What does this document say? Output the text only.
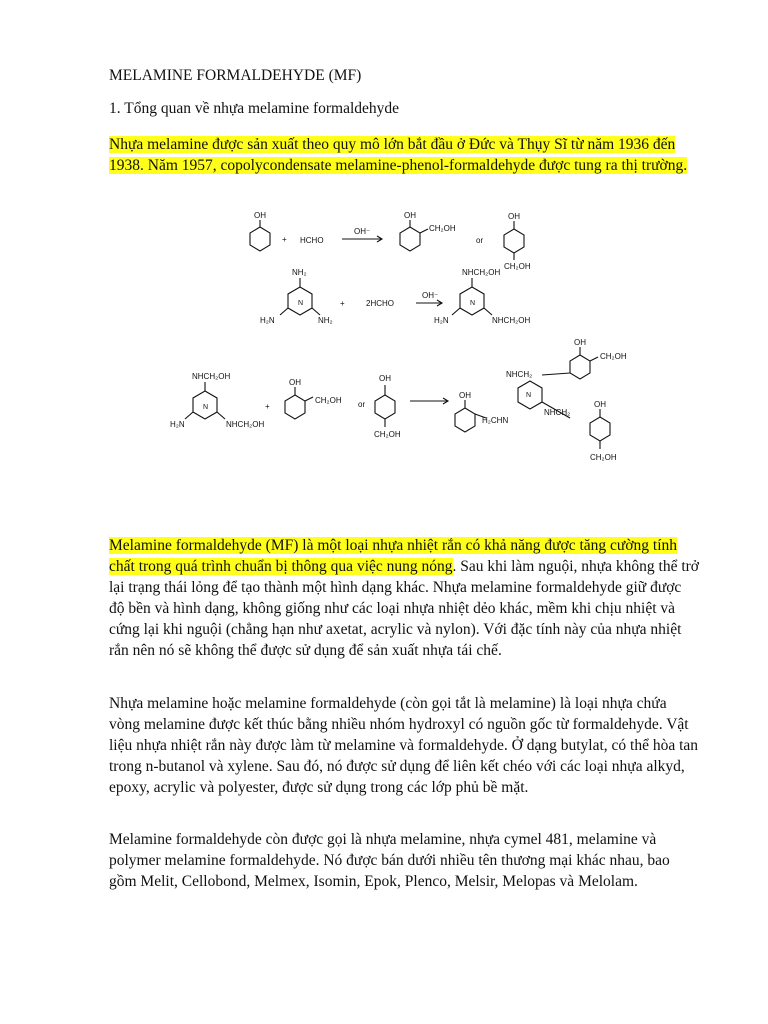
MELAMINE FORMALDEHYDE (MF)
1. Tổng quan về nhựa melamine formaldehyde

Nhựa melamine được sản xuất theo quy mô lớn bắt đầu ở Đức và Thụy Sĩ từ năm 1936 đến 1938. Năm 1957, copolycondensate melamine-phenol-formaldehyde được tung ra thị trường.

OH
+ HCHO
OH⁻
OH
CH₂OH
or
OH
CH₂OH
NH₂
H₂N	NH₂
+	2HCHO
OH⁻
NHCH₂OH
H₂N	NHCH₂OH
NHCH₂OH
H₂N	NHCH₂OH
+
OH
CH₂OH or
OH
CH₂OH
NHCH₂
OH
CH₂OH
OH
H₂CHN
NHCH₂
OH
CH₂OH
N
N	N
N

Melamine formaldehyde (MF) là một loại nhựa nhiệt rắn có khả năng được tăng cường tính chất trong quá trình chuẩn bị thông qua việc nung nóng. Sau khi làm nguội, nhựa không thể trở lại trạng thái lỏng để tạo thành một hình dạng khác. Nhựa melamine formaldehyde giữ được độ bền và hình dạng, không giống như các loại nhựa nhiệt dẻo khác, mềm khi chịu nhiệt và cứng lại khi nguội (chẳng hạn như axetat, acrylic và nylon). Với đặc tính này của nhựa nhiệt rắn nên nó sẽ không thể được sử dụng để sản xuất nhựa tái chế.

Nhựa melamine hoặc melamine formaldehyde (còn gọi tắt là melamine) là loại nhựa chứa vòng melamine được kết thúc bằng nhiều nhóm hydroxyl có nguồn gốc từ formaldehyde. Vật liệu nhựa nhiệt rắn này được làm từ melamine và formaldehyde. Ở dạng butylat, có thể hòa tan trong n-butanol và xylene. Sau đó, nó được sử dụng để liên kết chéo với các loại nhựa alkyd, epoxy, acrylic và polyester, được sử dụng trong các lớp phủ bề mặt.

Melamine formaldehyde còn được gọi là nhựa melamine, nhựa cymel 481, melamine và polymer melamine formaldehyde. Nó được bán dưới nhiều tên thương mại khác nhau, bao gồm Melit, Cellobond, Melmex, Isomin, Epok, Plenco, Melsir, Melopas và Melolam.
